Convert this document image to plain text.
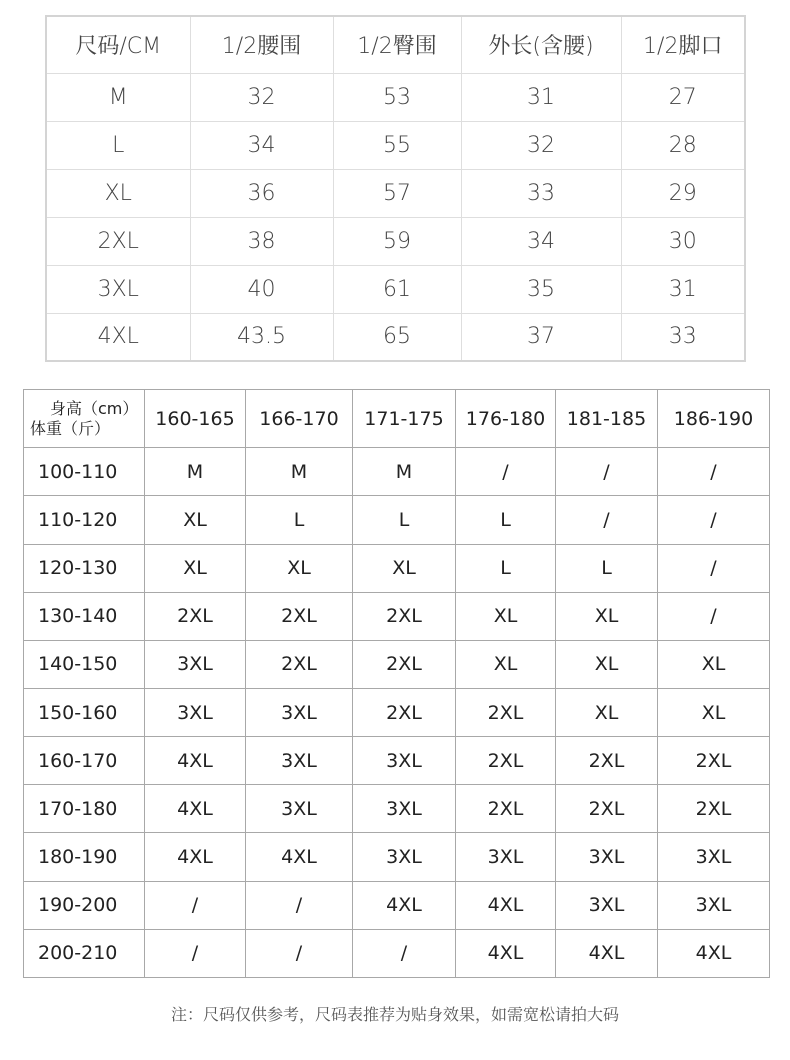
尺码/CM	1/2腰围	1/2臀围	外长(含腰)	1/2脚口
M	32	53	31	27
L	34	55	32	28
XL	36	57	33	29
2XL	38	59	34	30
3XL	40	61	35	31
4XL	43.5	65	37	33
身高（cm）
体重（斤）	160-165	166-170	171-175	176-180	181-185	186-190
100-110	M	M	M	/	/	/
110-120	XL	L	L	L	/	/
120-130	XL	XL	XL	L	L	/
130-140	2XL	2XL	2XL	XL	XL	/
140-150	3XL	2XL	2XL	XL	XL	XL
150-160	3XL	3XL	2XL	2XL	XL	XL
160-170	4XL	3XL	3XL	2XL	2XL	2XL
170-180	4XL	3XL	3XL	2XL	2XL	2XL
180-190	4XL	4XL	3XL	3XL	3XL	3XL
190-200	/	/	4XL	4XL	3XL	3XL
200-210	/	/	/	4XL	4XL	4XL
注：尺码仅供参考，尺码表推荐为贴身效果，如需宽松请拍大码
